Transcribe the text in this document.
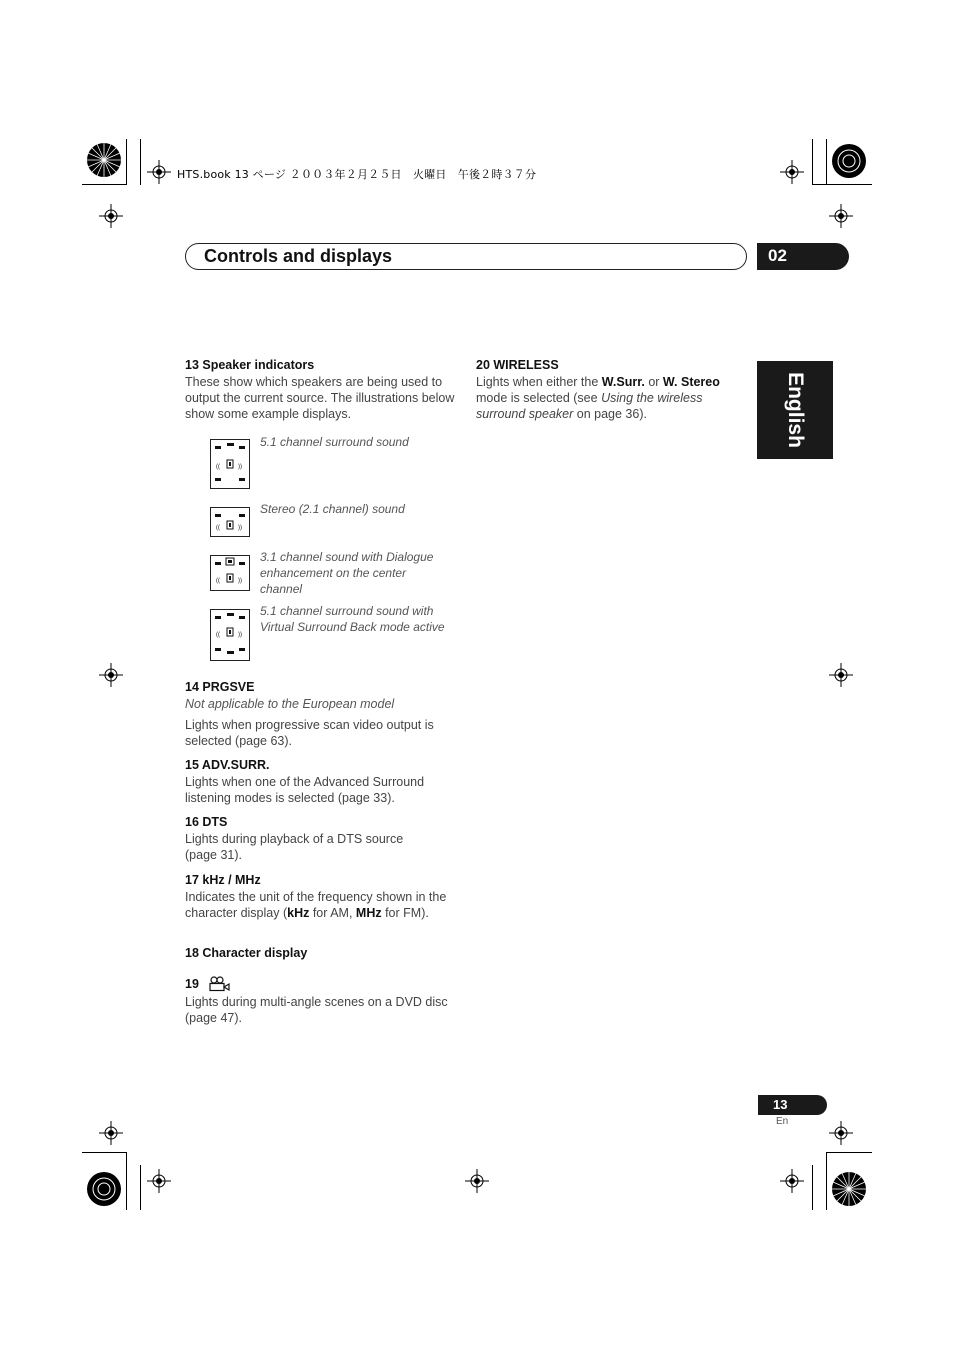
HTS.book 13 ページ ２００３年２月２５日　火曜日　午後２時３７分
Controls and displays	02
English
13 Speaker indicators
These show which speakers are being used to output the current source. The illustrations below show some example displays.
((	))
5.1 channel surround sound
((	))
Stereo (2.1 channel) sound
((	))
3.1 channel sound with Dialogue enhancement on the center channel
((	))
5.1 channel surround sound with Virtual Surround Back mode active
14 PRGSVE
Not applicable to the European model
Lights when progressive scan video output is selected (page 63).
15 ADV.SURR.
Lights when one of the Advanced Surround listening modes is selected (page 33).
16 DTS
Lights during playback of a DTS source (page 31).
17 kHz / MHz
Indicates the unit of the frequency shown in the character display (kHz for AM, MHz for FM).
18 Character display
19
Lights during multi-angle scenes on a DVD disc (page 47).
20 WIRELESS
Lights when either the W.Surr. or W. Stereo mode is selected (see Using the wireless surround speaker on page 36).
13
En
